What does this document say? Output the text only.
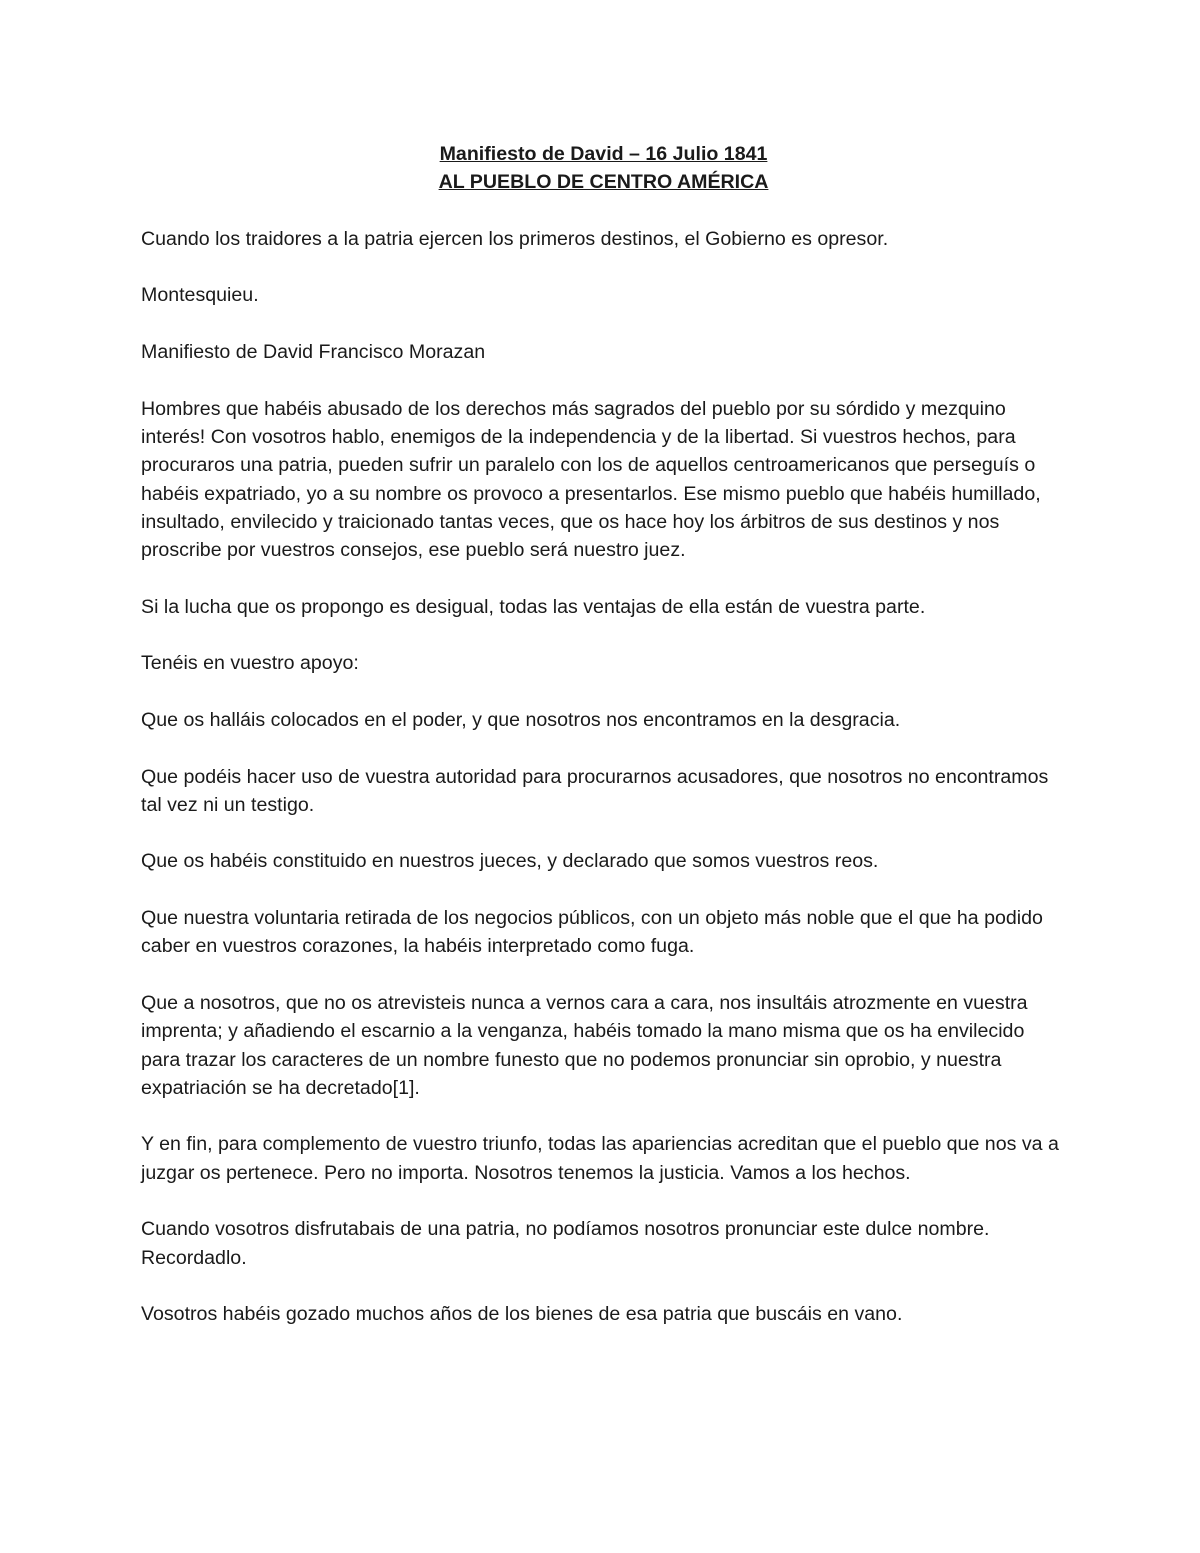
Manifiesto de David – 16 Julio 1841

AL PUEBLO DE CENTRO AMÉRICA

Cuando los traidores a la patria ejercen los primeros destinos, el Gobierno es opresor.

Montesquieu.

Manifiesto de David Francisco Morazan

Hombres que habéis abusado de los derechos más sagrados del pueblo por su sórdido y mezquino interés! Con vosotros hablo, enemigos de la independencia y de la libertad. Si vuestros hechos, para procuraros una patria, pueden sufrir un paralelo con los de aquellos centroamericanos que perseguís o habéis expatriado, yo a su nombre os provoco a presentarlos. Ese mismo pueblo que habéis humillado, insultado, envilecido y traicionado tantas veces, que os hace hoy los árbitros de sus destinos y nos proscribe por vuestros consejos, ese pueblo será nuestro juez.

Si la lucha que os propongo es desigual, todas las ventajas de ella están de vuestra parte.

Tenéis en vuestro apoyo:

Que os halláis colocados en el poder, y que nosotros nos encontramos en la desgracia.

Que podéis hacer uso de vuestra autoridad para procurarnos acusadores, que nosotros no encontramos tal vez ni un testigo.

Que os habéis constituido en nuestros jueces, y declarado que somos vuestros reos.

Que nuestra voluntaria retirada de los negocios públicos, con un objeto más noble que el que ha podido caber en vuestros corazones, la habéis interpretado como fuga.

Que a nosotros, que no os atrevisteis nunca a vernos cara a cara, nos insultáis atrozmente en vuestra imprenta; y añadiendo el escarnio a la venganza, habéis tomado la mano misma que os ha envilecido para trazar los caracteres de un nombre funesto que no podemos pronunciar sin oprobio, y nuestra expatriación se ha decretado[1].

Y en fin, para complemento de vuestro triunfo, todas las apariencias acreditan que el pueblo que nos va a juzgar os pertenece. Pero no importa. Nosotros tenemos la justicia. Vamos a los hechos.

Cuando vosotros disfrutabais de una patria, no podíamos nosotros pronunciar este dulce nombre. Recordadlo.

Vosotros habéis gozado muchos años de los bienes de esa patria que buscáis en vano.
